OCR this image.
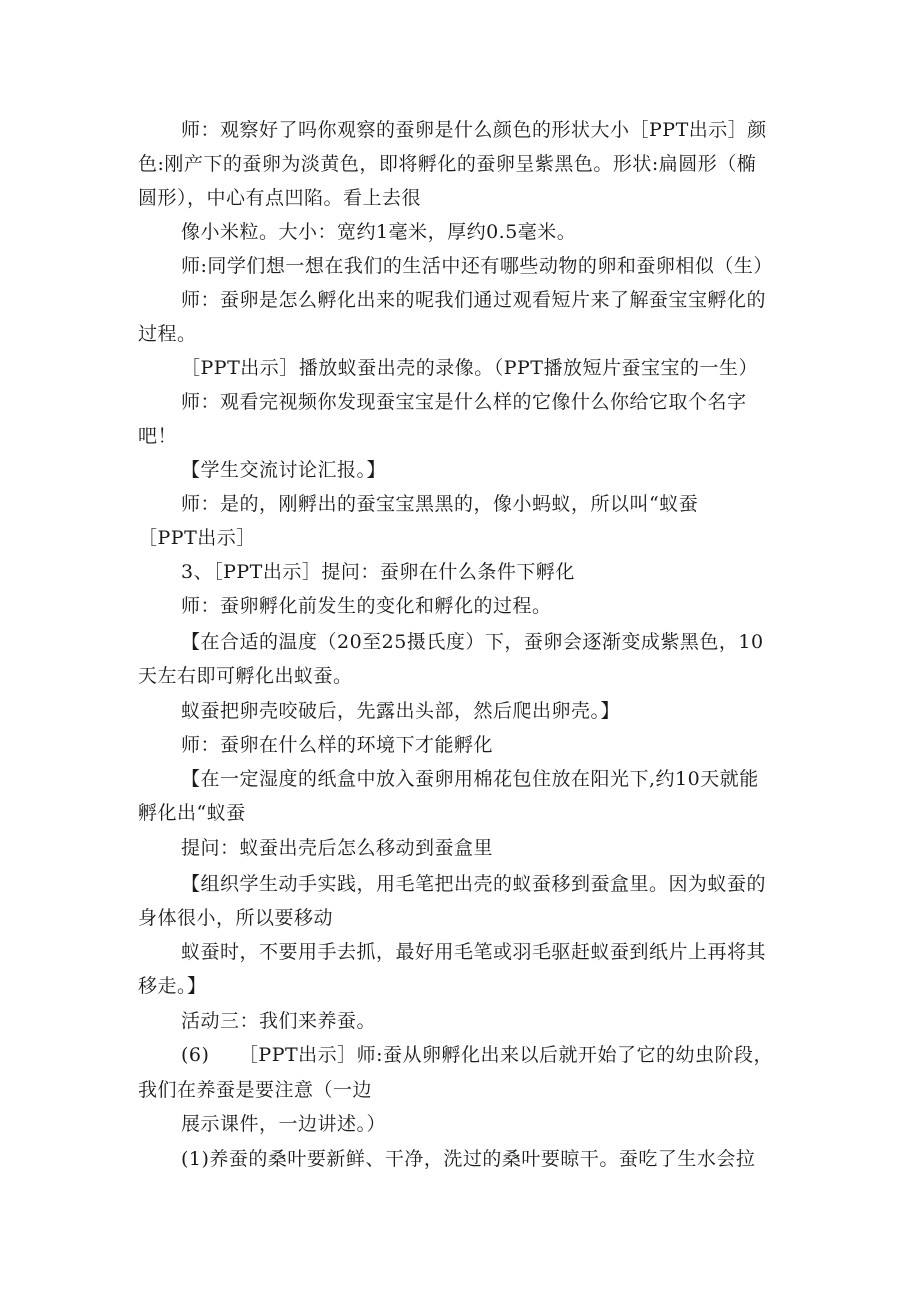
师：观察好了吗你观察的蚕卵是什么颜色的形状大小［PPT出示］颜
色:刚产下的蚕卵为淡黄色，即将孵化的蚕卵呈紫黑色。形状:扁圆形（椭
圆形），中心有点凹陷。看上去很
像小米粒。大小：宽约1毫米，厚约0.5毫米。
师:同学们想一想在我们的生活中还有哪些动物的卵和蚕卵相似（生）
师：蚕卵是怎么孵化出来的呢我们通过观看短片来了解蚕宝宝孵化的
过程。
［PPT出示］播放蚁蚕出壳的录像。（PPT播放短片蚕宝宝的一生）
师：观看完视频你发现蚕宝宝是什么样的它像什么你给它取个名字
吧！
【学生交流讨论汇报。】
师：是的，刚孵出的蚕宝宝黑黑的，像小蚂蚁，所以叫“蚁蚕
［PPT出示］
3、［PPT出示］提问：蚕卵在什么条件下孵化
师：蚕卵孵化前发生的变化和孵化的过程。
【在合适的温度（20至25摄氏度）下，蚕卵会逐渐变成紫黑色，10
天左右即可孵化出蚁蚕。
蚁蚕把卵壳咬破后，先露出头部，然后爬出卵壳。】
师：蚕卵在什么样的环境下才能孵化
【在一定湿度的纸盒中放入蚕卵用棉花包住放在阳光下,约10天就能
孵化出“蚁蚕
提问：蚁蚕出壳后怎么移动到蚕盒里
【组织学生动手实践，用毛笔把出壳的蚁蚕移到蚕盒里。因为蚁蚕的
身体很小，所以要移动
蚁蚕时，不要用手去抓，最好用毛笔或羽毛驱赶蚁蚕到纸片上再将其
移走。】
活动三：我们来养蚕。
(6)　　［PPT出示］师:蚕从卵孵化出来以后就开始了它的幼虫阶段，
我们在养蚕是要注意（一边
展示课件，一边讲述。）
(1)养蚕的桑叶要新鲜、干净，洗过的桑叶要晾干。蚕吃了生水会拉
